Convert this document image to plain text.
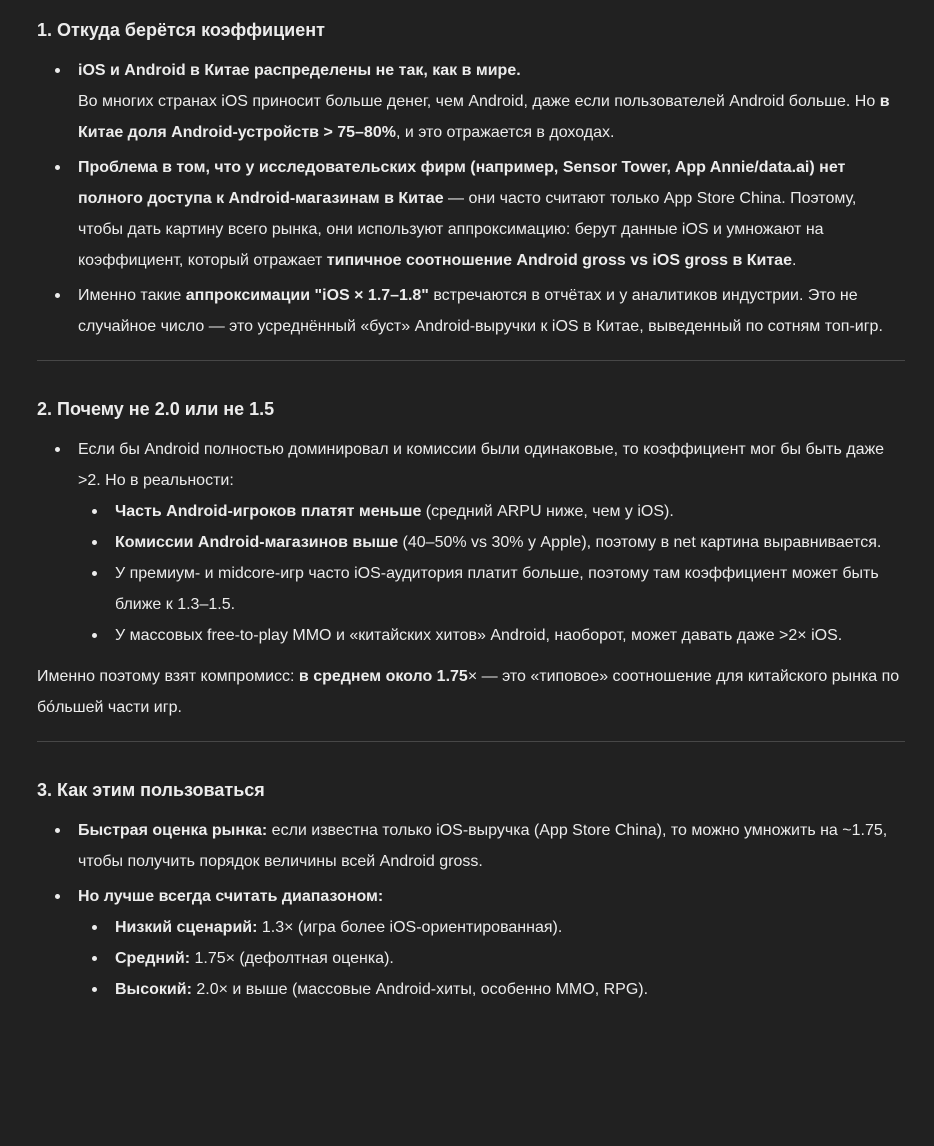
1. Откуда берётся коэффициент

iOS и Android в Китае распределены не так, как в мире.

Во многих странах iOS приносит больше денег, чем Android, даже если пользователей Android больше. Но в Китае доля Android-устройств > 75–80%, и это отражается в доходах.

Проблема в том, что у исследовательских фирм (например, Sensor Tower, App Annie/data.ai) нет полного доступа к Android-магазинам в Китае — они часто считают только App Store China. Поэтому, чтобы дать картину всего рынка, они используют аппроксимацию: берут данные iOS и умножают на коэффициент, который отражает типичное соотношение Android gross vs iOS gross в Китае.

Именно такие аппроксимации "iOS × 1.7–1.8" встречаются в отчётах и у аналитиков индустрии. Это не случайное число — это усреднённый «буст» Android-выручки к iOS в Китае, выведенный по сотням топ-игр.

2. Почему не 2.0 или не 1.5

Если бы Android полностью доминировал и комиссии были одинаковые, то коэффициент мог бы быть даже >2. Но в реальности:

Часть Android-игроков платят меньше (средний ARPU ниже, чем у iOS).

Комиссии Android-магазинов выше (40–50% vs 30% у Apple), поэтому в net картина выравнивается.

У премиум- и midcore-игр часто iOS-аудитория платит больше, поэтому там коэффициент может быть ближе к 1.3–1.5.

У массовых free-to-play MMO и «китайских хитов» Android, наоборот, может давать даже >2× iOS.

Именно поэтому взят компромисс: в среднем около 1.75× — это «типовое» соотношение для китайского рынка по бо́льшей части игр.

3. Как этим пользоваться

Быстрая оценка рынка: если известна только iOS-выручка (App Store China), то можно умножить на ~1.75, чтобы получить порядок величины всей Android gross.

Но лучше всегда считать диапазоном:

Низкий сценарий: 1.3× (игра более iOS-ориентированная).

Средний: 1.75× (дефолтная оценка).

Высокий: 2.0× и выше (массовые Android-хиты, особенно MMO, RPG).
